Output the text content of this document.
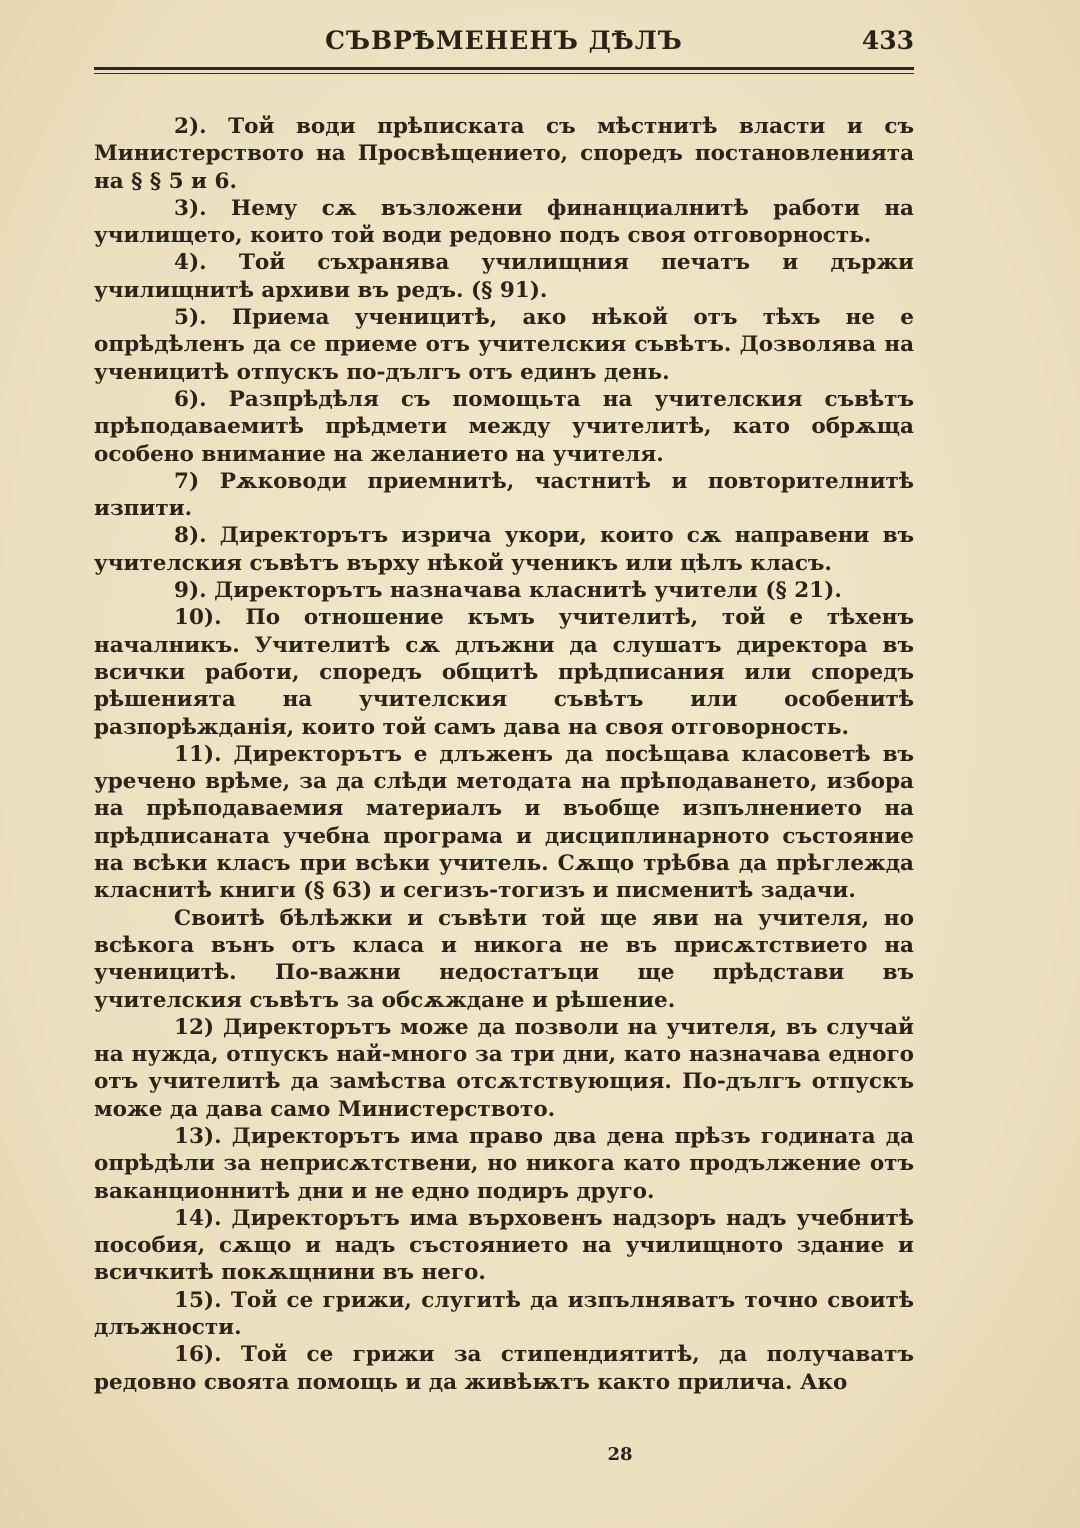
СЪВРѢМЕНЕНЪ ДѢЛЪ	433

2). Той води прѣписката съ мѣстнитѣ власти и съ Министерството на Просвѣщението, споредъ постановленията на § § 5 и 6.

3). Нему сѫ възложени финанциалнитѣ работи на училището, които той води редовно подъ своя отговорность.

4). Той съхранява училищния печатъ и държи училищнитѣ архиви въ редъ. (§ 91).

5). Приема ученицитѣ, ако нѣкой отъ тѣхъ не е опрѣдѣленъ да се приеме отъ учителския съвѣтъ. Дозволява на ученицитѣ отпускъ по-дългъ отъ единъ день.

6). Разпрѣдѣля съ помощьта на учителския съвѣтъ прѣподаваемитѣ прѣдмети между учителитѣ, като обрѫща особено внимание на желанието на учителя.

7) Рѫководи приемнитѣ, частнитѣ и повторителнитѣ изпити.

8). Директорътъ изрича укори, които сѫ направени въ учителския съвѣтъ върху нѣкой ученикъ или цѣлъ класъ.

9). Директорътъ назначава класнитѣ учители (§ 21).

10). По отношение къмъ учителитѣ, той е тѣхенъ началникъ. Учителитѣ сѫ длъжни да слушатъ директора въ всички работи, споредъ общитѣ прѣдписания или споредъ рѣшенията на учителския съвѣтъ или особенитѣ разпорѣжданія, които той самъ дава на своя отговорность.

11). Директорътъ е длъженъ да посѣщава класоветѣ въ уречено врѣме, за да слѣди методата на прѣподаването, избора на прѣподаваемия материалъ и въобще изпълнението на прѣдписаната учебна програма и дисциплинарното състояние на всѣки класъ при всѣки учитель. Сѫщо трѣбва да прѣглежда класнитѣ книги (§ 63) и сегизъ-тогизъ и писменитѣ задачи.

Своитѣ бѣлѣжки и съвѣти той ще яви на учителя, но всѣкога вънъ отъ класа и никога не въ присѫтствието на ученицитѣ. По-важни недостатъци ще прѣдстави въ учителския съвѣтъ за обсѫждане и рѣшение.

12) Директорътъ може да позволи на учителя, въ случай на нужда, отпускъ най-много за три дни, като назначава едного отъ учителитѣ да замѣства отсѫтствующия. По-дългъ отпускъ може да дава само Министерството.

13). Директорътъ има право два дена прѣзъ годината да опрѣдѣли за неприсѫтствени, но никога като продължение отъ ваканционнитѣ дни и не едно подиръ друго.

14). Директорътъ има върховенъ надзоръ надъ учебнитѣ пособия, сѫщо и надъ състоянието на училищното здание и всичкитѣ покѫщнини въ него.

15). Той се грижи, слугитѣ да изпълняватъ точно своитѣ длъжности.

16). Той се грижи за стипендиятитѣ, да получаватъ редовно своята помощь и да живѣѭтъ както прилича. Ако

28
